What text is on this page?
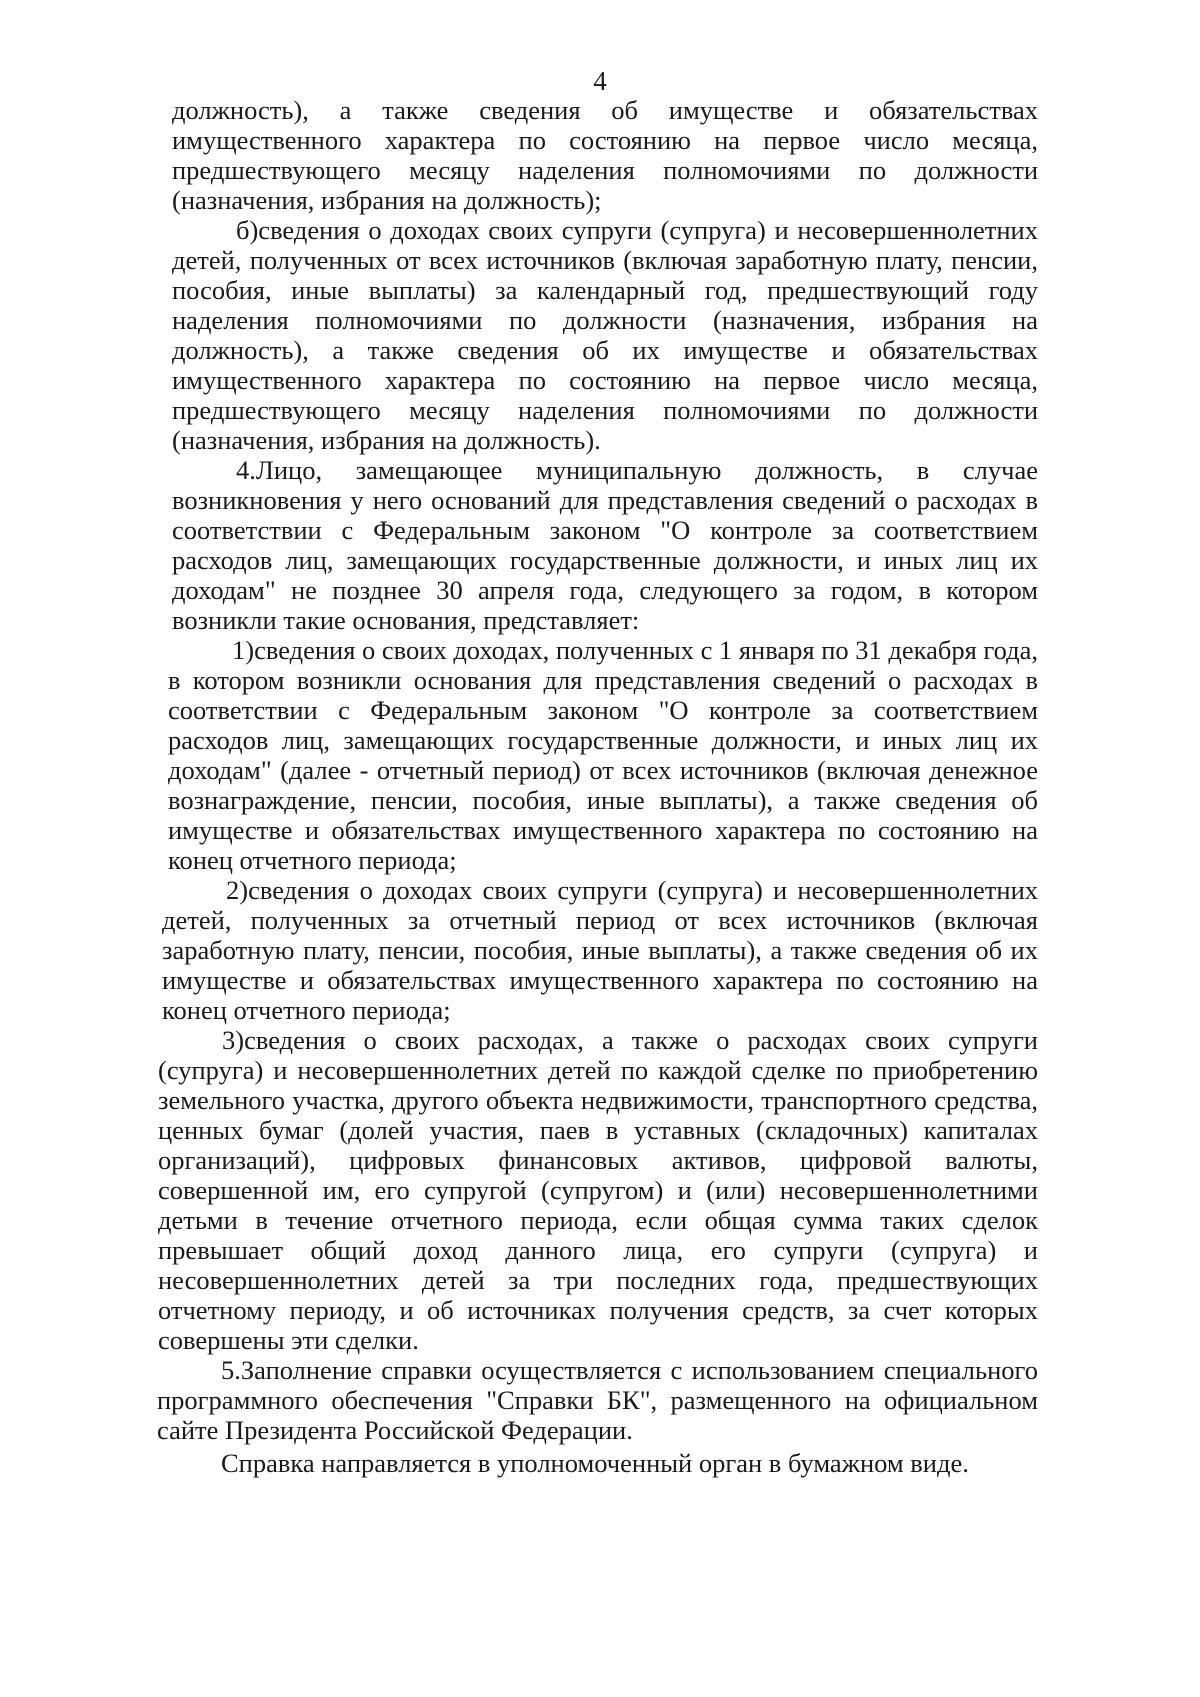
4
должность), а также сведения об имуществе и обязательствах
имущественного характера по состоянию на первое число месяца,
предшествующего месяцу наделения полномочиями по должности
(назначения, избрания на должность);
б)сведения о доходах своих супруги (супруга) и несовершеннолетних
детей, полученных от всех источников (включая заработную плату, пенсии,
пособия, иные выплаты) за календарный год, предшествующий году
наделения полномочиями по должности (назначения, избрания на
должность), а также сведения об их имуществе и обязательствах
имущественного характера по состоянию на первое число месяца,
предшествующего месяцу наделения полномочиями по должности
(назначения, избрания на должность).
4.Лицо, замещающее муниципальную должность, в случае
возникновения у него оснований для представления сведений о расходах в
соответствии с Федеральным законом "О контроле за соответствием
расходов лиц, замещающих государственные должности, и иных лиц их
доходам" не позднее 30 апреля года, следующего за годом, в котором
возникли такие основания, представляет:
1)сведения о своих доходах, полученных с 1 января по 31 декабря года,
в котором возникли основания для представления сведений о расходах в
соответствии с Федеральным законом "О контроле за соответствием
расходов лиц, замещающих государственные должности, и иных лиц их
доходам" (далее - отчетный период) от всех источников (включая денежное
вознаграждение, пенсии, пособия, иные выплаты), а также сведения об
имуществе и обязательствах имущественного характера по состоянию на
конец отчетного периода;
2)сведения о доходах своих супруги (супруга) и несовершеннолетних
детей, полученных за отчетный период от всех источников (включая
заработную плату, пенсии, пособия, иные выплаты), а также сведения об их
имуществе и обязательствах имущественного характера по состоянию на
конец отчетного периода;
3)сведения о своих расходах, а также о расходах своих супруги
(супруга) и несовершеннолетних детей по каждой сделке по приобретению
земельного участка, другого объекта недвижимости, транспортного средства,
ценных бумаг (долей участия, паев в уставных (складочных) капиталах
организаций), цифровых финансовых активов, цифровой валюты,
совершенной им, его супругой (супругом) и (или) несовершеннолетними
детьми в течение отчетного периода, если общая сумма таких сделок
превышает общий доход данного лица, его супруги (супруга) и
несовершеннолетних детей за три последних года, предшествующих
отчетному периоду, и об источниках получения средств, за счет которых
совершены эти сделки.
5.Заполнение справки осуществляется с использованием специального
программного обеспечения "Справки БК", размещенного на официальном
сайте Президента Российской Федерации.
Справка направляется в уполномоченный орган в бумажном виде.
